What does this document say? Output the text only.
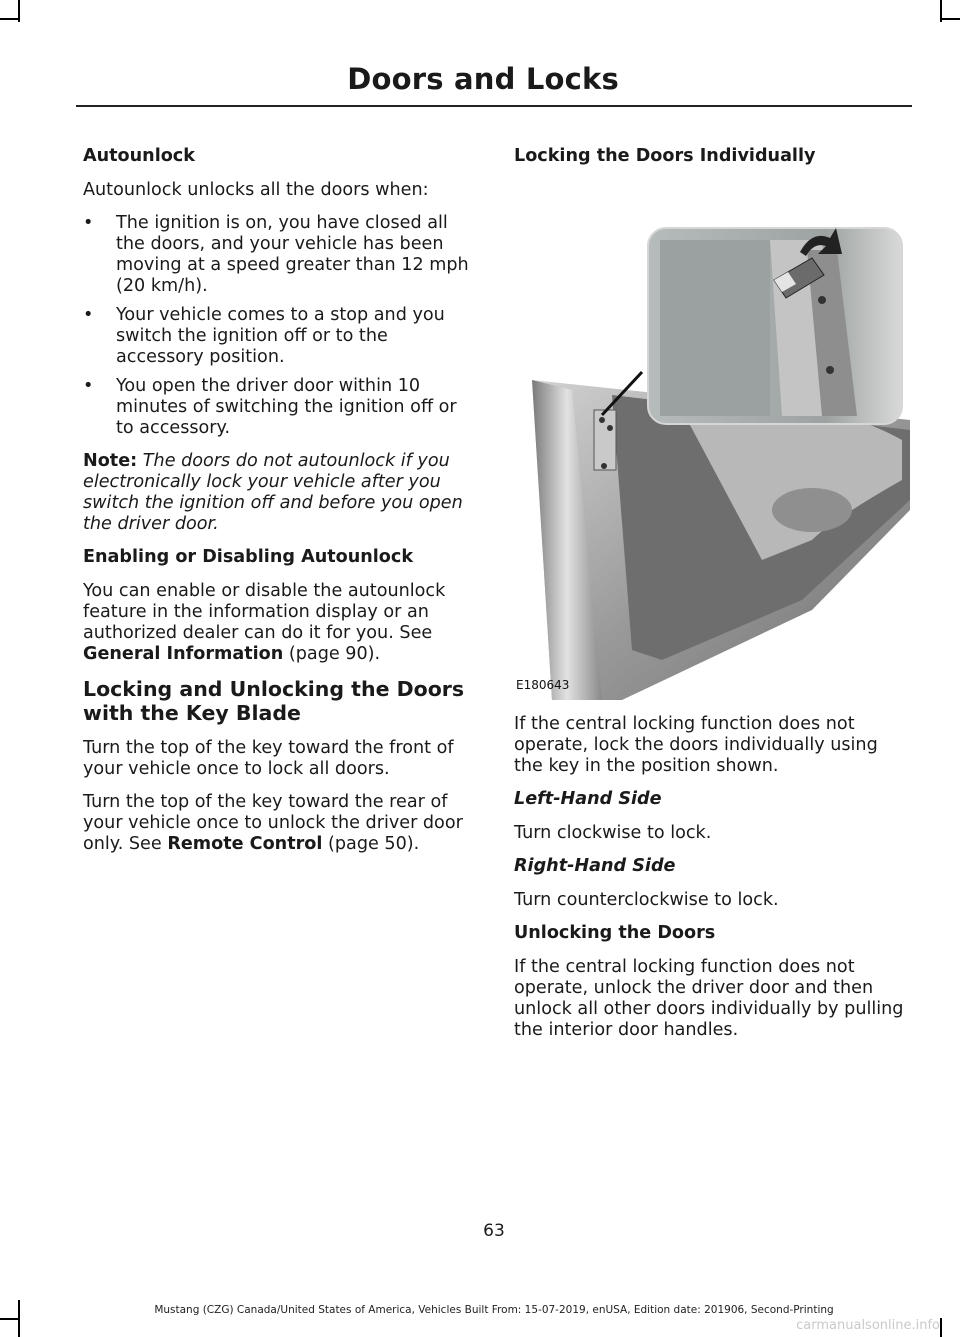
Doors and Locks
Autounlock

Autounlock unlocks all the doors when:

• The ignition is on, you have closed all the doors, and your vehicle has been moving at a speed greater than 12 mph (20 km/h).
• Your vehicle comes to a stop and you switch the ignition off or to the accessory position.
• You open the driver door within 10 minutes of switching the ignition off or to accessory.

Note: The doors do not autounlock if you electronically lock your vehicle after you switch the ignition off and before you open the driver door.

Enabling or Disabling Autounlock

You can enable or disable the autounlock feature in the information display or an authorized dealer can do it for you. See General Information (page 90).

Locking and Unlocking the Doors with the Key Blade

Turn the top of the key toward the front of your vehicle once to lock all doors.

Turn the top of the key toward the rear of your vehicle once to unlock the driver door only. See Remote Control (page 50).

Locking the Doors Individually
E180643

If the central locking function does not operate, lock the doors individually using the key in the position shown.

Left-Hand Side

Turn clockwise to lock.

Right-Hand Side

Turn counterclockwise to lock.

Unlocking the Doors

If the central locking function does not operate, unlock the driver door and then unlock all other doors individually by pulling the interior door handles.

63
Mustang (CZG) Canada/United States of America, Vehicles Built From: 15-07-2019, enUSA, Edition date: 201906, Second-Printing
carmanualsonline.info
